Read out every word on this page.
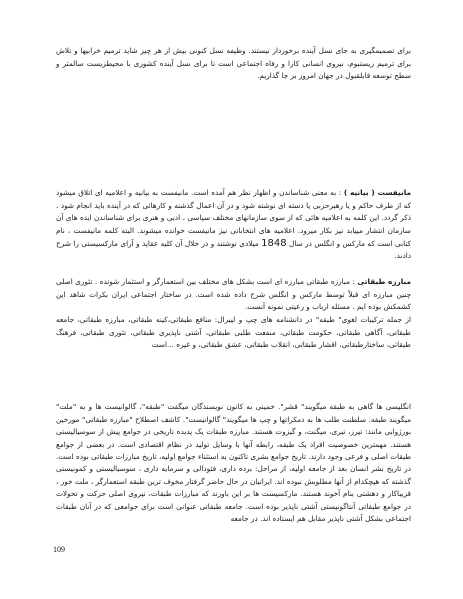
برای تصمیمگیری به جای نسل آینده برخوردار نیستند. وظیفه نسل کنونی بیش از هر چیز شاید ترمیم خرابیها و تلاش برای ترمیم زیستبوم، نیروی انسانی کارا و رفاه اجتماعی است تا برای نسل آینده کشوری با محیطزیست سالمتر و سطح توسعه قابلقبول در جهان امروز بر جا گذاریم.

مانیفست ( بیانیه ) : به معنی شناساندن و اظهار نظر هم آمده است. مانیفست به بیانیه و اعلامیه ای اتلاق میشود که از طرف حاکم و یا رهبرحزبی یا دسته ای نوشته شود و در آن اعمال گذشته و کارهائی که در آینده باید انجام شود ، ذکر گردد. این کلمه به اعلامیه هائی که از سوی سازمانهای مختلف سیاسی ، ادبی و هنری برای شناساندن ایده های آن سازمان انتشار مییابد نیز بکار میرود. اعلامیه های انتخاباتی نیز مانیفست خوانده میشوند. البته کلمه مانیفست ، نام کتابی است که مارکس و انگلس در سال 1848 میلادی نوشتند و در خلال آن کلیه عقاید و آرای مارکسیستی را شرح دادند.

مبارزه طبقاتی : مبارزه طبقاتی مبارزه ای است بشکل های مختلف بین استعمارگر و استثمار شونده . تئوری اصلی چنین مبارزه ای قبلاً توسط مارکس و انگلس شرح داده شده است. در ساختار اجتماعی ایران بکرات شاهد این کشمکش بوده ایم . مسئله ارباب و رعیتی نمونه آنست.
از جمله ترکیبات لغوی" طبقه" در دانشنامه های چپ و لیبرال: منافع طبقاتی،کینه طبقاتی، مبارزه طبقاتی، جامعه طبقاتی، آگاهی طبقاتی، حکومت طبقاتی، منفعت طلبی طبقاتی، آشتی ناپذیری طبقاتی، تئوری طبقاتی، فرهنگ طبقاتی، ساختارطبقاتی، اقشار طبقاتی، انقلاب طبقاتی، عشق طبقاتی، و غیره ...است

انگلیسی ها گاهی به طبقه میگویند" قشر". خمینی به کانون نویسندگان میگفت "طبقه"، گالوانیست ها و به "ملت" میگویند طبقه. سلطنت طلب ها به دمکراتها و چپ ها میگویند" گالوانیست". کاشف اصطلاح "مبارزه طبقاتی" مورخین بورژوایی مانند: تیرز، تیری، میگنت، و گیزوت هستند. مبارزه طبقات یک پدیده تاریخی در جوامع پیش از سوسیالیستی هستند. مهمترین خصوصیت افراد یک طبقه، رابطه آنها با وسایل تولید در نظام اقتصادی است. در بعضی از جوامع طبقات اصلی و فرعی وجود دارند. تاریخ جوامع بشری تاکنون به استثناء جوامع اولیه، تاریخ مبارزات طبقاتی بوده است. در تاریخ بشر انسان بعد از جامعه اولیه، از مراحل: برده داری، فئودالی و سرمایه داری ، سوسیالیستی و کمونیستی گذشته که هیچکدام از آنها مطلوبش نبوده اند. ایرانیان در حال حاضر گرفتار مخوف ترین طبقه استعمارگر ، ملت خور ، قزیباکار و دهشتی بنام آخوند هستند. مارکسیست ها بر این باورند که مبارزات طبقات، نیروی اصلی حرکت و تحولات در جوامع طبقاتی آنتاگونیستی آشتی ناپذیر بوده است. جامعه طبقاتی عنوانی است برای جوامعی که در آنان طبقات اجتماعی بشکل آشتی ناپذیر مقابل هم ایستاده اند. در جامعه

109
